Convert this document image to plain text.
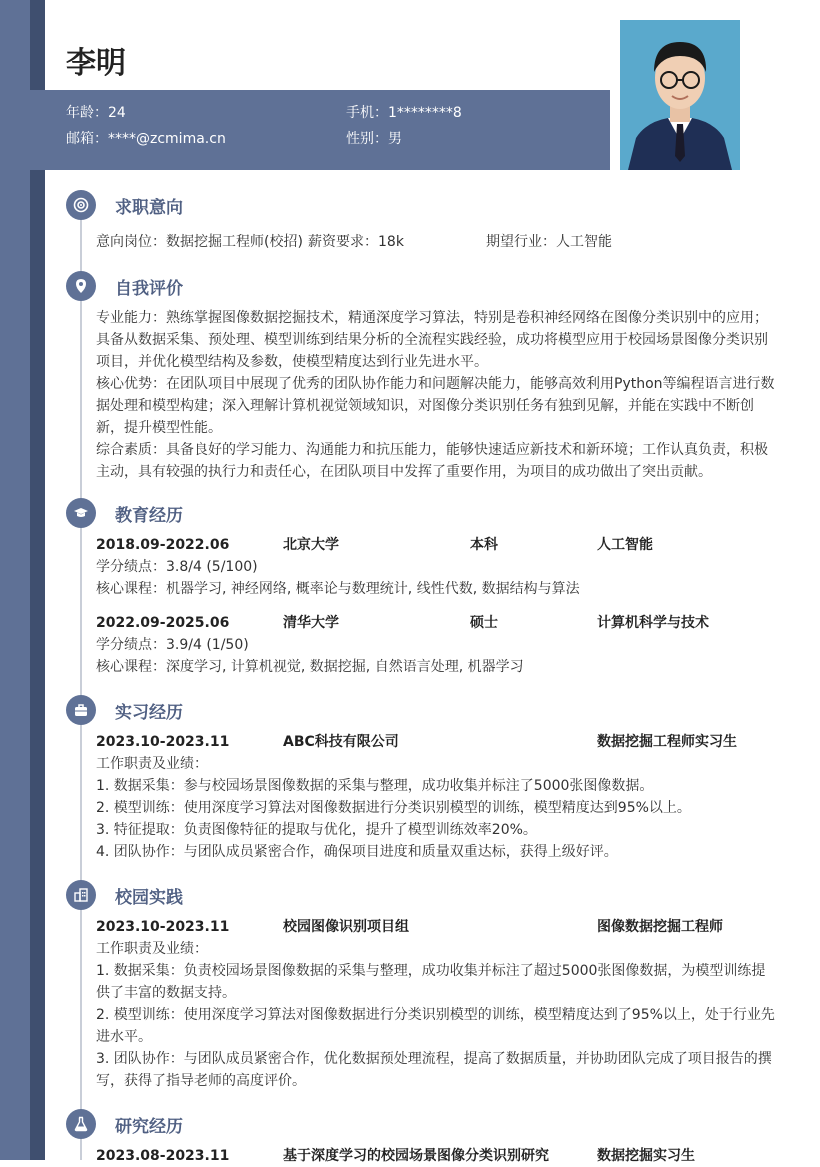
李明
年龄：24	手机：1********8
邮箱：****@zcmima.cn	性别：男
求职意向
意向岗位：数据挖掘工程师(校招) 薪资要求：18k	期望行业：人工智能
自我评价

专业能力：熟练掌握图像数据挖掘技术，精通深度学习算法，特别是卷积神经网络在图像分类识别中的应用；具备从数据采集、预处理、模型训练到结果分析的全流程实践经验，成功将模型应用于校园场景图像分类识别项目，并优化模型结构及参数，使模型精度达到行业先进水平。

核心优势：在团队项目中展现了优秀的团队协作能力和问题解决能力，能够高效利用Python等编程语言进行数据处理和模型构建；深入理解计算机视觉领域知识，对图像分类识别任务有独到见解，并能在实践中不断创新，提升模型性能。

综合素质：具备良好的学习能力、沟通能力和抗压能力，能够快速适应新技术和新环境；工作认真负责，积极主动，具有较强的执行力和责任心，在团队项目中发挥了重要作用，为项目的成功做出了突出贡献。

教育经历
2018.09-2022.06	北京大学	本科	人工智能

学分绩点：3.8/4 (5/100)

核心课程：机器学习, 神经网络, 概率论与数理统计, 线性代数, 数据结构与算法

2022.09-2025.06	清华大学	硕士	计算机科学与技术

学分绩点：3.9/4 (1/50)

核心课程：深度学习, 计算机视觉, 数据挖掘, 自然语言处理, 机器学习

实习经历
2023.10-2023.11	ABC科技有限公司	数据挖掘工程师实习生

工作职责及业绩：

1. 数据采集：参与校园场景图像数据的采集与整理，成功收集并标注了5000张图像数据。

2. 模型训练：使用深度学习算法对图像数据进行分类识别模型的训练，模型精度达到95%以上。

3. 特征提取：负责图像特征的提取与优化，提升了模型训练效率20%。

4. 团队协作：与团队成员紧密合作，确保项目进度和质量双重达标，获得上级好评。

校园实践
2023.10-2023.11	校园图像识别项目组	图像数据挖掘工程师

工作职责及业绩：

1. 数据采集：负责校园场景图像数据的采集与整理，成功收集并标注了超过5000张图像数据，为模型训练提供了丰富的数据支持。

2. 模型训练：使用深度学习算法对图像数据进行分类识别模型的训练，模型精度达到了95%以上，处于行业先进水平。

3. 团队协作：与团队成员紧密合作，优化数据预处理流程，提高了数据质量，并协助团队完成了项目报告的撰写，获得了指导老师的高度评价。

研究经历
2023.08-2023.11	基于深度学习的校园场景图像分类识别研究	数据挖掘实习生
